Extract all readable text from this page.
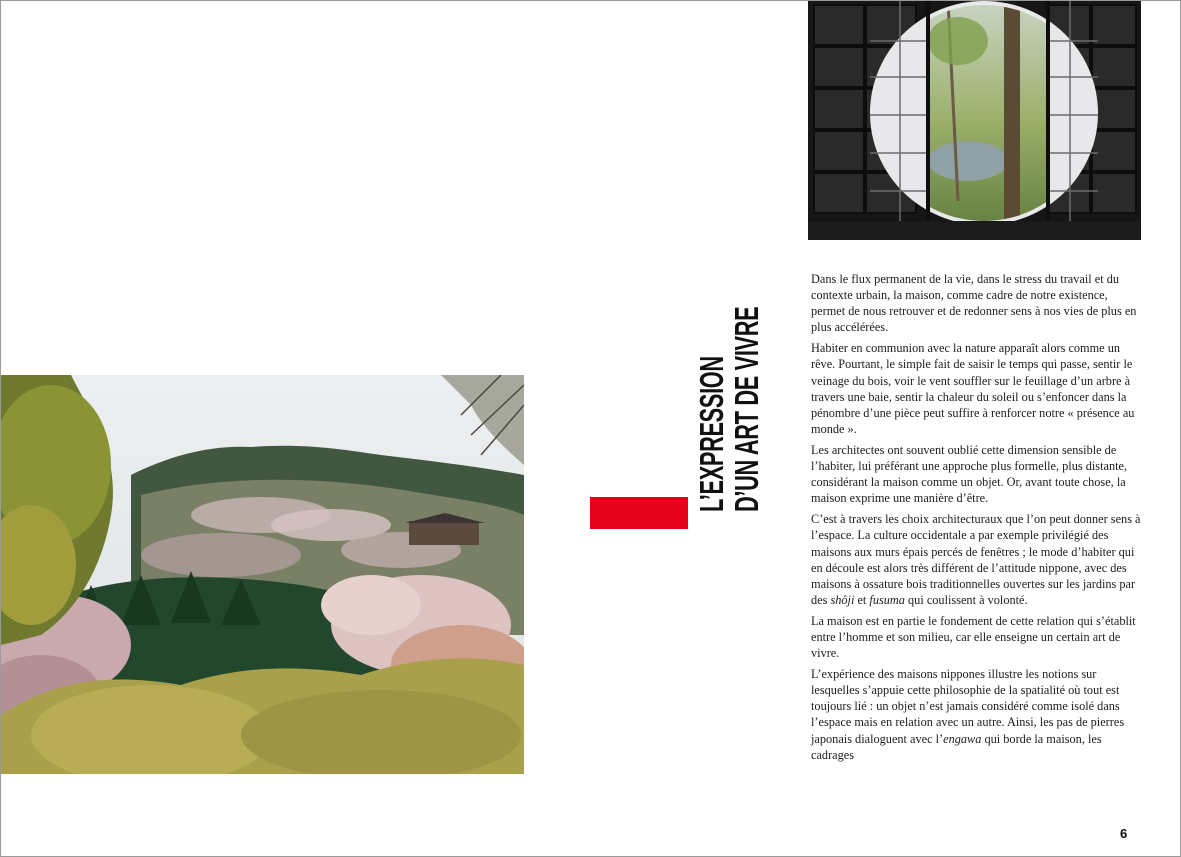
L’EXPRESSION
D’UN ART DE VIVRE

Dans le flux permanent de la vie, dans le stress du travail et du contexte urbain, la maison, comme cadre de notre existence, permet de nous retrouver et de redonner sens à nos vies de plus en plus accélérées.

Habiter en communion avec la nature apparaît alors comme un rêve. Pourtant, le simple fait de saisir le temps qui passe, sentir le veinage du bois, voir le vent souffler sur le feuillage d’un arbre à travers une baie, sentir la chaleur du soleil ou s’enfoncer dans la pénombre d’une pièce peut suffire à renforcer notre « présence au monde ».

Les architectes ont souvent oublié cette dimension sensible de l’habiter, lui préférant une approche plus formelle, plus distante, considérant la maison comme un objet. Or, avant toute chose, la maison exprime une manière d’être.

C’est à travers les choix architecturaux que l’on peut donner sens à l’espace. La culture occidentale a par exemple privilégié des maisons aux murs épais percés de fenêtres ; le mode d’habiter qui en découle est alors très différent de l’attitude nippone, avec des maisons à ossature bois traditionnelles ouvertes sur les jardins par des shôji et fusuma qui coulissent à volonté.

La maison est en partie le fondement de cette relation qui s’établit entre l’homme et son milieu, car elle enseigne un certain art de vivre.

L’expérience des maisons nippones illustre les notions sur lesquelles s’appuie cette philosophie de la spatialité où tout est toujours lié : un objet n’est jamais considéré comme isolé dans l’espace mais en relation avec un autre. Ainsi, les pas de pierres japonais dialoguent avec l’engawa qui borde la maison, les cadrages

9
